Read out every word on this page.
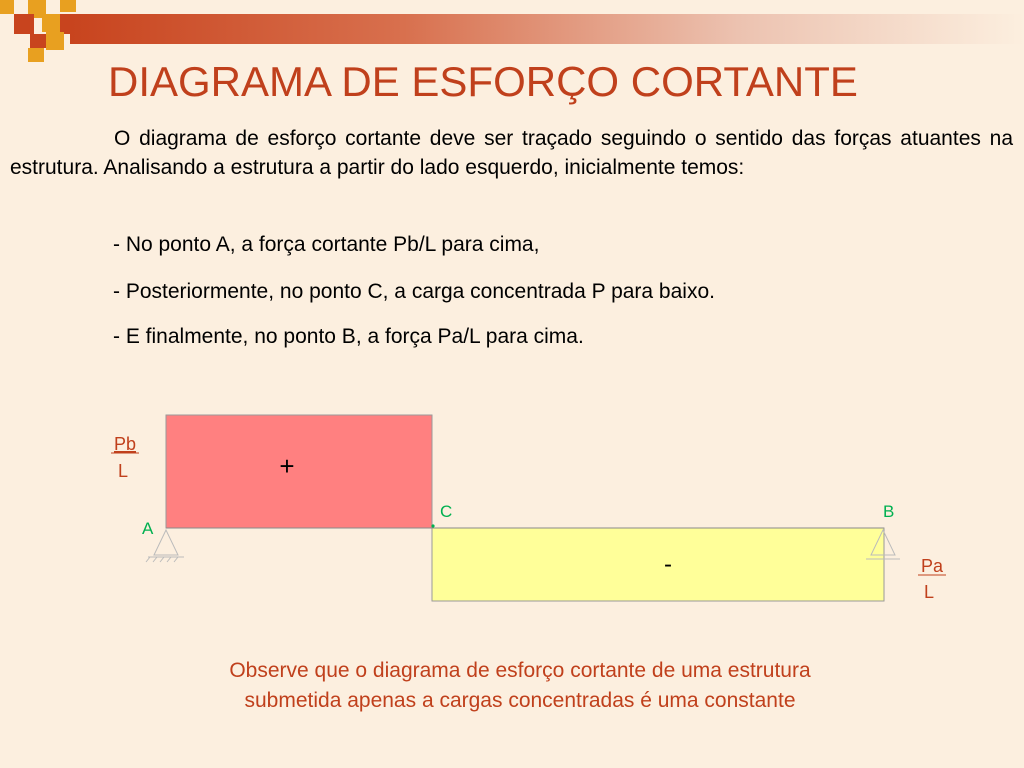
DIAGRAMA DE ESFORÇO CORTANTE

O diagrama de esforço cortante deve ser traçado seguindo o sentido das forças atuantes na estrutura. Analisando a estrutura a partir do lado esquerdo, inicialmente temos:

- No ponto A, a força cortante Pb/L para cima,

- Posteriormente, no ponto C, a carga concentrada P para baixo.

- E finalmente, no ponto B, a força Pa/L para cima.

+
-
Pb
L
Pa
L
A
C	B

Observe que o diagrama de esforço cortante de uma estrutura
submetida apenas a cargas concentradas é uma constante
